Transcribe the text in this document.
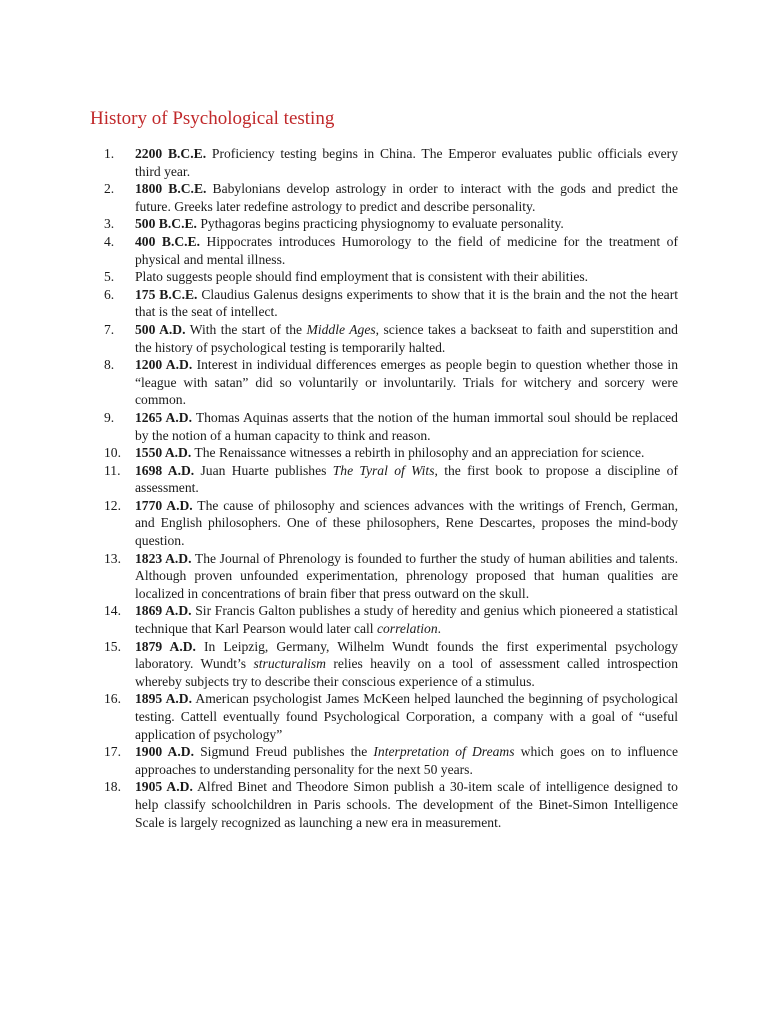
History of Psychological testing
1.	2200 B.C.E. Proficiency testing begins in China. The Emperor evaluates public officials every third year.
2.	1800 B.C.E. Babylonians develop astrology in order to interact with the gods and predict the future. Greeks later redefine astrology to predict and describe personality.
3.	500 B.C.E. Pythagoras begins practicing physiognomy to evaluate personality.
4.	400 B.C.E. Hippocrates introduces Humorology to the field of medicine for the treatment of physical and mental illness.
5.	Plato suggests people should find employment that is consistent with their abilities.
6.	175 B.C.E. Claudius Galenus designs experiments to show that it is the brain and the not the heart that is the seat of intellect.
7.	500 A.D. With the start of the Middle Ages, science takes a backseat to faith and superstition and the history of psychological testing is temporarily halted.
8.	1200 A.D. Interest in individual differences emerges as people begin to question whether those in “league with satan” did so voluntarily or involuntarily. Trials for witchery and sorcery were common.
9.	1265 A.D. Thomas Aquinas asserts that the notion of the human immortal soul should be replaced by the notion of a human capacity to think and reason.
10.	1550 A.D. The Renaissance witnesses a rebirth in philosophy and an appreciation for science.
11.	1698 A.D. Juan Huarte publishes The Tyral of Wits, the first book to propose a discipline of assessment.
12.	1770 A.D. The cause of philosophy and sciences advances with the writings of French, German, and English philosophers. One of these philosophers, Rene Descartes, proposes the mind-body question.
13.	1823 A.D. The Journal of Phrenology is founded to further the study of human abilities and talents. Although proven unfounded experimentation, phrenology proposed that human qualities are localized in concentrations of brain fiber that press outward on the skull.
14.	1869 A.D. Sir Francis Galton publishes a study of heredity and genius which pioneered a statistical technique that Karl Pearson would later call correlation.
15.	1879 A.D. In Leipzig, Germany, Wilhelm Wundt founds the first experimental psychology laboratory. Wundt’s structuralism relies heavily on a tool of assessment called introspection whereby subjects try to describe their conscious experience of a stimulus.
16.	1895 A.D. American psychologist James McKeen helped launched the beginning of psychological testing. Cattell eventually found Psychological Corporation, a company with a goal of “useful application of psychology”
17.	1900 A.D. Sigmund Freud publishes the Interpretation of Dreams which goes on to influence approaches to understanding personality for the next 50 years.
18.	1905 A.D. Alfred Binet and Theodore Simon publish a 30-item scale of intelligence designed to help classify schoolchildren in Paris schools. The development of the Binet-Simon Intelligence Scale is largely recognized as launching a new era in measurement.
